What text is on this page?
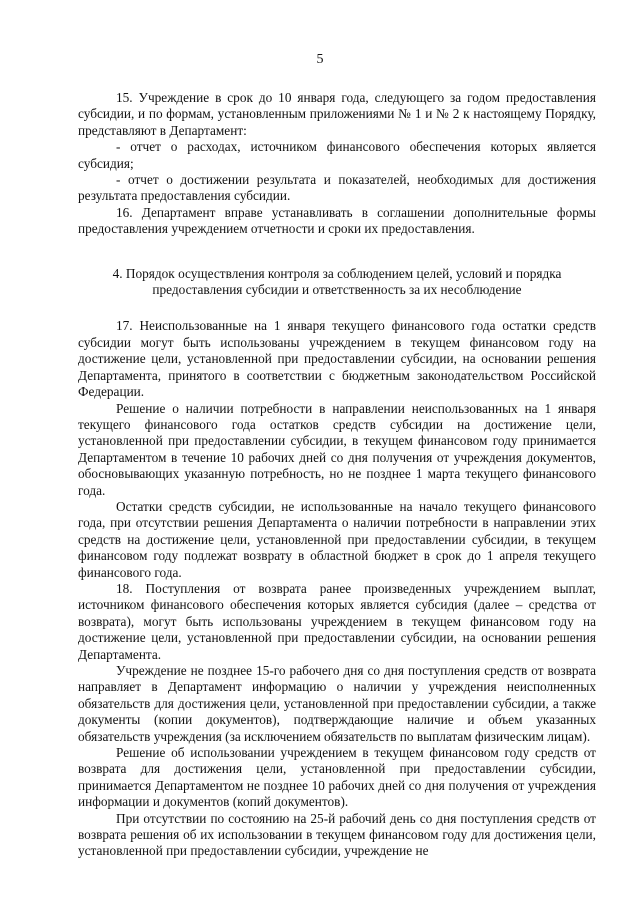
5

15. Учреждение в срок до 10 января года, следующего за годом предоставления субсидии, и по формам, установленным приложениями № 1 и № 2 к настоящему Порядку, представляют в Департамент:

- отчет о расходах, источником финансового обеспечения которых является субсидия;

- отчет о достижении результата и показателей, необходимых для достижения результата предоставления субсидии.

16. Департамент вправе устанавливать в соглашении дополнительные формы предоставления учреждением отчетности и сроки их предоставления.

4. Порядок осуществления контроля за соблюдением целей, условий и порядка предоставления субсидии и ответственность за их несоблюдение

17. Неиспользованные на 1 января текущего финансового года остатки средств субсидии могут быть использованы учреждением в текущем финансовом году на достижение цели, установленной при предоставлении субсидии, на основании решения Департамента, принятого в соответствии с бюджетным законодательством Российской Федерации.

Решение о наличии потребности в направлении неиспользованных на 1 января текущего финансового года остатков средств субсидии на достижение цели, установленной при предоставлении субсидии, в текущем финансовом году принимается Департаментом в течение 10 рабочих дней со дня получения от учреждения документов, обосновывающих указанную потребность, но не позднее 1 марта текущего финансового года.

Остатки средств субсидии, не использованные на начало текущего финансового года, при отсутствии решения Департамента о наличии потребности в направлении этих средств на достижение цели, установленной при предоставлении субсидии, в текущем финансовом году подлежат возврату в областной бюджет в срок до 1 апреля текущего финансового года.

18. Поступления от возврата ранее произведенных учреждением выплат, источником финансового обеспечения которых является субсидия (далее – средства от возврата), могут быть использованы учреждением в текущем финансовом году на достижение цели, установленной при предоставлении субсидии, на основании решения Департамента.

Учреждение не позднее 15-го рабочего дня со дня поступления средств от возврата направляет в Департамент информацию о наличии у учреждения неисполненных обязательств для достижения цели, установленной при предоставлении субсидии, а также документы (копии документов), подтверждающие наличие и объем указанных обязательств учреждения (за исключением обязательств по выплатам физическим лицам).

Решение об использовании учреждением в текущем финансовом году средств от возврата для достижения цели, установленной при предоставлении субсидии, принимается Департаментом не позднее 10 рабочих дней со дня получения от учреждения информации и документов (копий документов).

При отсутствии по состоянию на 25-й рабочий день со дня поступления средств от возврата решения об их использовании в текущем финансовом году для достижения цели, установленной при предоставлении субсидии, учреждение не
